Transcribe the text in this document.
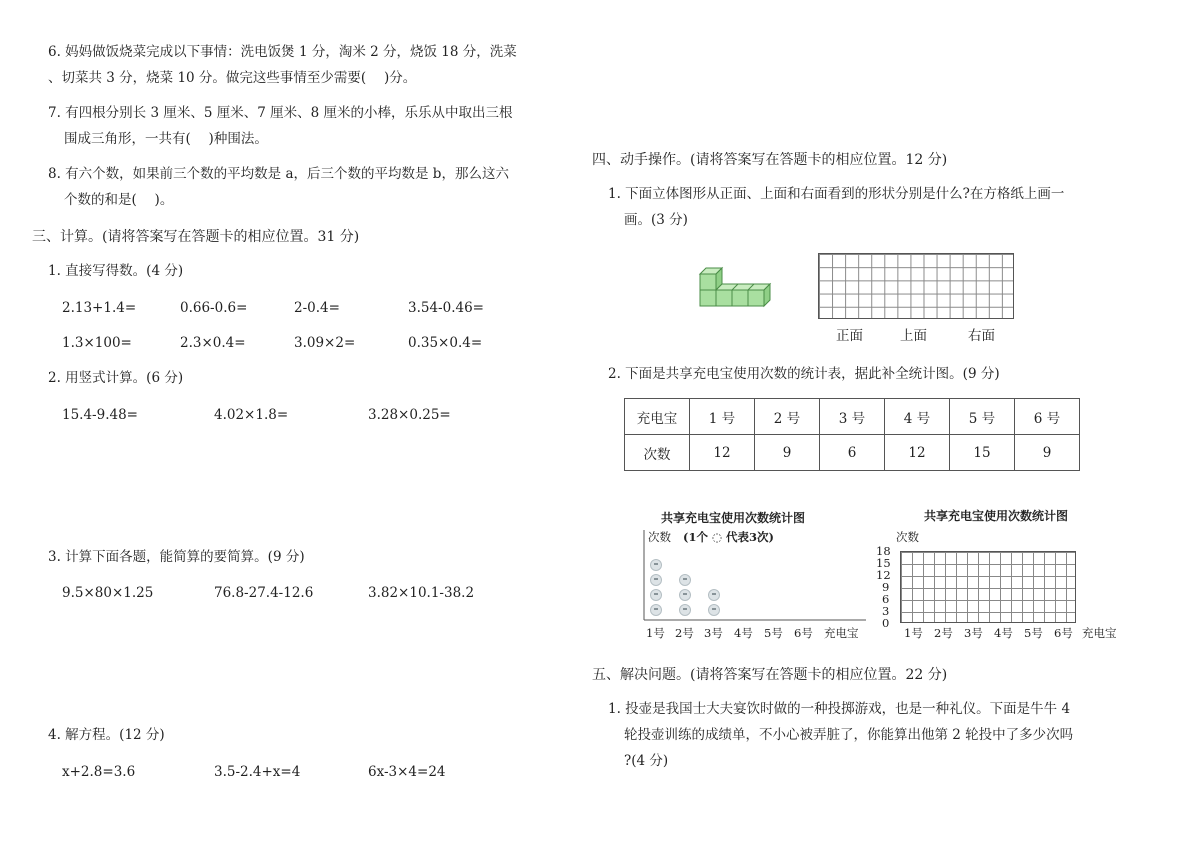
6. 妈妈做饭烧菜完成以下事情：洗电饭煲 1 分，淘米 2 分，烧饭 18 分，洗菜
、切菜共 3 分，烧菜 10 分。做完这些事情至少需要(　 )分。
7. 有四根分别长 3 厘米、5 厘米、7 厘米、8 厘米的小棒，乐乐从中取出三根
围成三角形，一共有(　 )种围法。
8. 有六个数，如果前三个数的平均数是 a，后三个数的平均数是 b，那么这六
个数的和是(　 )。
三、计算。(请将答案写在答题卡的相应位置。31 分)
1. 直接写得数。(4 分)
2.13+1.4=	0.66-0.6=	2-0.4=	3.54-0.46=
1.3×100=	2.3×0.4=	3.09×2=	0.35×0.4=
2. 用竖式计算。(6 分)
15.4-9.48=	4.02×1.8=	3.28×0.25=
3. 计算下面各题，能简算的要简算。(9 分)
9.5×80×1.25	76.8-27.4-12.6	3.82×10.1-38.2
4. 解方程。(12 分)
x+2.8=3.6	3.5-2.4+x=4	6x-3×4=24
四、动手操作。(请将答案写在答题卡的相应位置。12 分)
1. 下面立体图形从正面、上面和右面看到的形状分别是什么?在方格纸上画一
画。(3 分)
正面	上面	右面
2. 下面是共享充电宝使用次数的统计表，据此补全统计图。(9 分)
充电宝	1 号	2 号	3 号	4 号	5 号	6 号
次数	12	9	6	12	15	9
共享充电宝使用次数统计图
次数 (1个 ◌ 代表3次)
1号 2号 3号 4号 5号 6号 充电宝
共享充电宝使用次数统计图
次数
18
15
12
9
6
3
0
1号 2号 3号 4号 5号 6号 充电宝
五、解决问题。(请将答案写在答题卡的相应位置。22 分)
1. 投壶是我国士大夫宴饮时做的一种投掷游戏，也是一种礼仪。下面是牛牛 4
轮投壶训练的成绩单，不小心被弄脏了，你能算出他第 2 轮投中了多少次吗
?(4 分)
